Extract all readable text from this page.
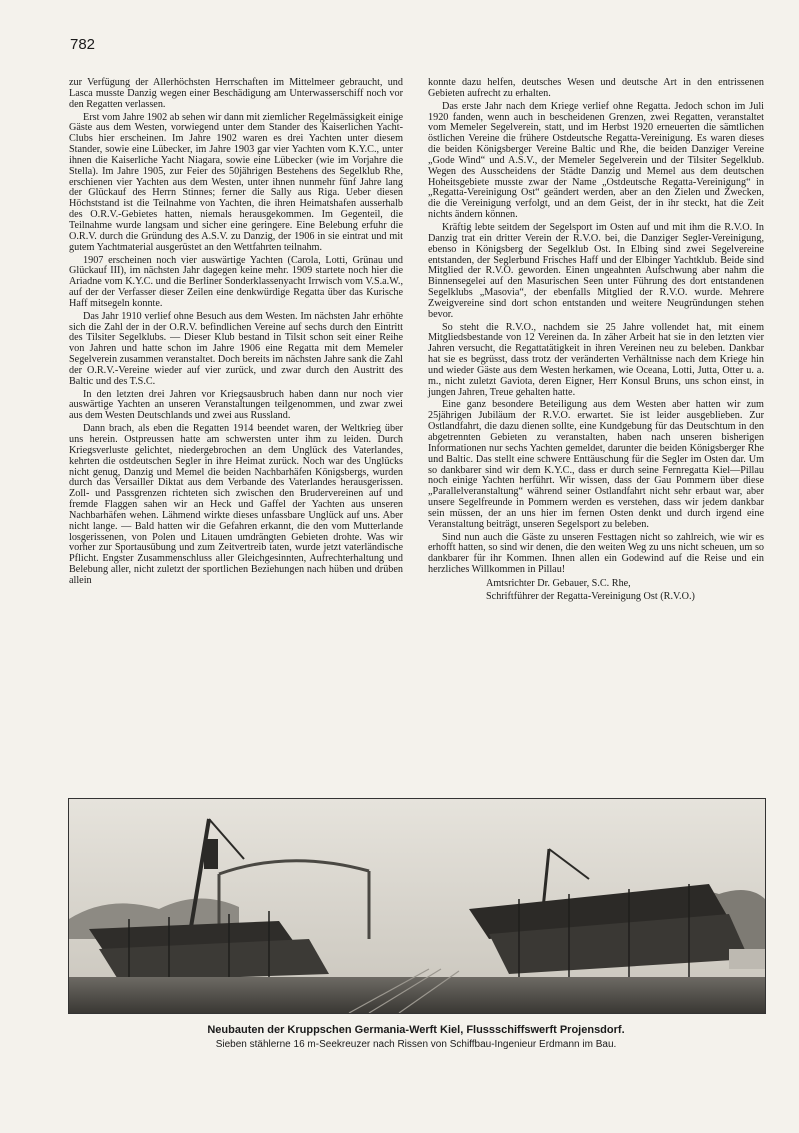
782

zur Verfügung der Allerhöchsten Herrschaften im Mittelmeer gebraucht, und Lasca musste Danzig wegen einer Beschädigung am Unterwasserschiff noch vor den Regatten verlassen.

Erst vom Jahre 1902 ab sehen wir dann mit ziemlicher Regelmässigkeit einige Gäste aus dem Westen, vorwiegend unter dem Stander des Kaiserlichen Yacht-Clubs hier erscheinen. Im Jahre 1902 waren es drei Yachten unter diesem Stander, sowie eine Lübecker, im Jahre 1903 gar vier Yachten vom K.Y.C., unter ihnen die Kaiserliche Yacht Niagara, sowie eine Lübecker (wie im Vorjahre die Stella). Im Jahre 1905, zur Feier des 50jährigen Bestehens des Segelklub Rhe, erschienen vier Yachten aus dem Westen, unter ihnen nunmehr fünf Jahre lang der Glückauf des Herrn Stinnes; ferner die Sally aus Riga. Ueber diesen Höchststand ist die Teilnahme von Yachten, die ihren Heimatshafen ausserhalb des O.R.V.-Gebietes hatten, niemals herausgekommen. Im Gegenteil, die Teilnahme wurde langsam und sicher eine geringere. Eine Belebung erfuhr die O.R.V. durch die Gründung des A.S.V. zu Danzig, der 1906 in sie eintrat und mit gutem Yachtmaterial ausgerüstet an den Wettfahrten teilnahm.

1907 erscheinen noch vier auswärtige Yachten (Carola, Lotti, Grünau und Glückauf III), im nächsten Jahr dagegen keine mehr. 1909 startete noch hier die Ariadne vom K.Y.C. und die Berliner Sonderklassenyacht Irrwisch vom V.S.a.W., auf der der Verfasser dieser Zeilen eine denkwürdige Regatta über das Kurische Haff mitsegeln konnte.

Das Jahr 1910 verlief ohne Besuch aus dem Westen. Im nächsten Jahr erhöhte sich die Zahl der in der O.R.V. befindlichen Vereine auf sechs durch den Eintritt des Tilsiter Segelklubs. — Dieser Klub bestand in Tilsit schon seit einer Reihe von Jahren und hatte schon im Jahre 1906 eine Regatta mit dem Memeler Segelverein zusammen veranstaltet. Doch bereits im nächsten Jahre sank die Zahl der O.R.V.-Vereine wieder auf vier zurück, und zwar durch den Austritt des Baltic und des T.S.C.

In den letzten drei Jahren vor Kriegsausbruch haben dann nur noch vier auswärtige Yachten an unseren Veranstaltungen teilgenommen, und zwar zwei aus dem Westen Deutschlands und zwei aus Russland.

Dann brach, als eben die Regatten 1914 beendet waren, der Weltkrieg über uns herein. Ostpreussen hatte am schwersten unter ihm zu leiden. Durch Kriegsverluste gelichtet, niedergebrochen an dem Unglück des Vaterlandes, kehrten die ostdeutschen Segler in ihre Heimat zurück. Noch war des Unglücks nicht genug, Danzig und Memel die beiden Nachbarhäfen Königsbergs, wurden durch das Versailler Diktat aus dem Verbande des Vaterlandes herausgerissen. Zoll- und Passgrenzen richteten sich zwischen den Brudervereinen auf und fremde Flaggen sahen wir an Heck und Gaffel der Yachten aus unseren Nachbarhäfen wehen. Lähmend wirkte dieses unfassbare Unglück auf uns. Aber nicht lange. — Bald hatten wir die Gefahren erkannt, die den vom Mutterlande losgerissenen, von Polen und Litauen umdrängten Gebieten drohte. Was wir vorher zur Sportausübung und zum Zeitvertreib taten, wurde jetzt vaterländische Pflicht. Engster Zusammenschluss aller Gleichgesinnten, Aufrechterhaltung und Belebung aller, nicht zuletzt der sportlichen Beziehungen nach hüben und drüben allein

konnte dazu helfen, deutsches Wesen und deutsche Art in den entrissenen Gebieten aufrecht zu erhalten.

Das erste Jahr nach dem Kriege verlief ohne Regatta. Jedoch schon im Juli 1920 fanden, wenn auch in bescheidenen Grenzen, zwei Regatten, veranstaltet vom Memeler Segelverein, statt, und im Herbst 1920 erneuerten die sämtlichen östlichen Vereine die frühere Ostdeutsche Regatta-Vereinigung. Es waren dieses die beiden Königsberger Vereine Baltic und Rhe, die beiden Danziger Vereine „Gode Wind“ und A.S.V., der Memeler Segelverein und der Tilsiter Segelklub. Wegen des Ausscheidens der Städte Danzig und Memel aus dem deutschen Hoheitsgebiete musste zwar der Name „Ostdeutsche Regatta-Vereinigung“ in „Regatta-Vereinigung Ost“ geändert werden, aber an den Zielen und Zwecken, die die Vereinigung verfolgt, und an dem Geist, der in ihr steckt, hat die Zeit nichts ändern können.

Kräftig lebte seitdem der Segelsport im Osten auf und mit ihm die R.V.O. In Danzig trat ein dritter Verein der R.V.O. bei, die Danziger Segler-Vereinigung, ebenso in Königsberg der Segelklub Ost. In Elbing sind zwei Segelvereine entstanden, der Seglerbund Frisches Haff und der Elbinger Yachtklub. Beide sind Mitglied der R.V.O. geworden. Einen ungeahnten Aufschwung aber nahm die Binnensegelei auf den Masurischen Seen unter Führung des dort entstandenen Segelklubs „Masovia“, der ebenfalls Mitglied der R.V.O. wurde. Mehrere Zweigvereine sind dort schon entstanden und weitere Neugründungen stehen bevor.

So steht die R.V.O., nachdem sie 25 Jahre vollendet hat, mit einem Mitgliedsbestande von 12 Vereinen da. In zäher Arbeit hat sie in den letzten vier Jahren versucht, die Regattatätigkeit in ihren Vereinen neu zu beleben. Dankbar hat sie es begrüsst, dass trotz der veränderten Verhältnisse nach dem Kriege hin und wieder Gäste aus dem Westen herkamen, wie Oceana, Lotti, Jutta, Otter u. a. m., nicht zuletzt Gaviota, deren Eigner, Herr Konsul Bruns, uns schon einst, in jungen Jahren, Treue gehalten hatte.

Eine ganz besondere Beteiligung aus dem Westen aber hatten wir zum 25jährigen Jubiläum der R.V.O. erwartet. Sie ist leider ausgeblieben. Zur Ostlandfahrt, die dazu dienen sollte, eine Kundgebung für das Deutschtum in den abgetrennten Gebieten zu veranstalten, haben nach unseren bisherigen Informationen nur sechs Yachten gemeldet, darunter die beiden Königsberger Rhe und Baltic. Das stellt eine schwere Enttäuschung für die Segler im Osten dar. Um so dankbarer sind wir dem K.Y.C., dass er durch seine Fernregatta Kiel—Pillau noch einige Yachten herführt. Wir wissen, dass der Gau Pommern über diese „Parallelveranstaltung“ während seiner Ostlandfahrt nicht sehr erbaut war, aber unsere Segelfreunde in Pommern werden es verstehen, dass wir jedem dankbar sein müssen, der an uns hier im fernen Osten denkt und durch irgend eine Veranstaltung beiträgt, unseren Segelsport zu beleben.

Sind nun auch die Gäste zu unseren Festtagen nicht so zahlreich, wie wir es erhofft hatten, so sind wir denen, die den weiten Weg zu uns nicht scheuen, um so dankbarer für ihr Kommen. Ihnen allen ein Godewind auf die Reise und ein herzliches Willkommen in Pillau!

Amtsrichter Dr. Gebauer, S.C. Rhe,

Schriftführer der Regatta-Vereinigung Ost (R.V.O.)

Neubauten der Kruppschen Germania-Werft Kiel, Flussschiffswerft Projensdorf.
Sieben stählerne 16 m-Seekreuzer nach Rissen von Schiffbau-Ingenieur Erdmann im Bau.
